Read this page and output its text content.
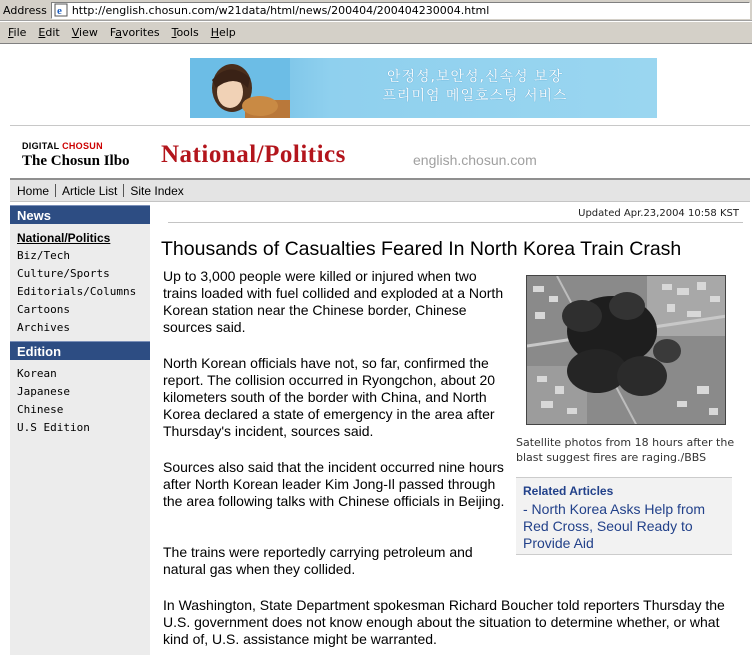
Address e http://english.chosun.com/w21data/html/news/200404/200404230004.html
File	Edit	View	Favorites	Tools	Help
안정성,보안성,신속성 보장
프리미엄 메일호스팅 서비스
DIGITAL CHOSUN
The Chosun Ilbo National/Politics	english.chosun.com
Home Article List Site Index
News
National/Politics
Biz/Tech
Culture/Sports
Editorials/Columns
Cartoons
Archives
Edition
Korean
Japanese
Chinese
U.S Edition
Updated Apr.23,2004 10:58 KST
Thousands of Casualties Feared In North Korea Train Crash
Up to 3,000 people were killed or injured when two trains loaded with fuel collided and exploded at a North Korean station near the Chinese border, Chinese sources said.
North Korean officials have not, so far, confirmed the report. The collision occurred in Ryongchon, about 20 kilometers south of the border with China, and North Korea declared a state of emergency in the area after Thursday's incident, sources said.
Sources also said that the incident occurred nine hours after North Korean leader Kim Jong-Il passed through the area following talks with Chinese officials in Beijing.
The trains were reportedly carrying petroleum and natural gas when they collided.
In Washington, State Department spokesman Richard Boucher told reporters Thursday the U.S. government does not know enough about the situation to determine whether, or what kind of, U.S. assistance might be warranted.
Satellite photos from 18 hours after the blast suggest fires are raging./BBS
Related Articles
- North Korea Asks Help from Red Cross, Seoul Ready to Provide Aid
